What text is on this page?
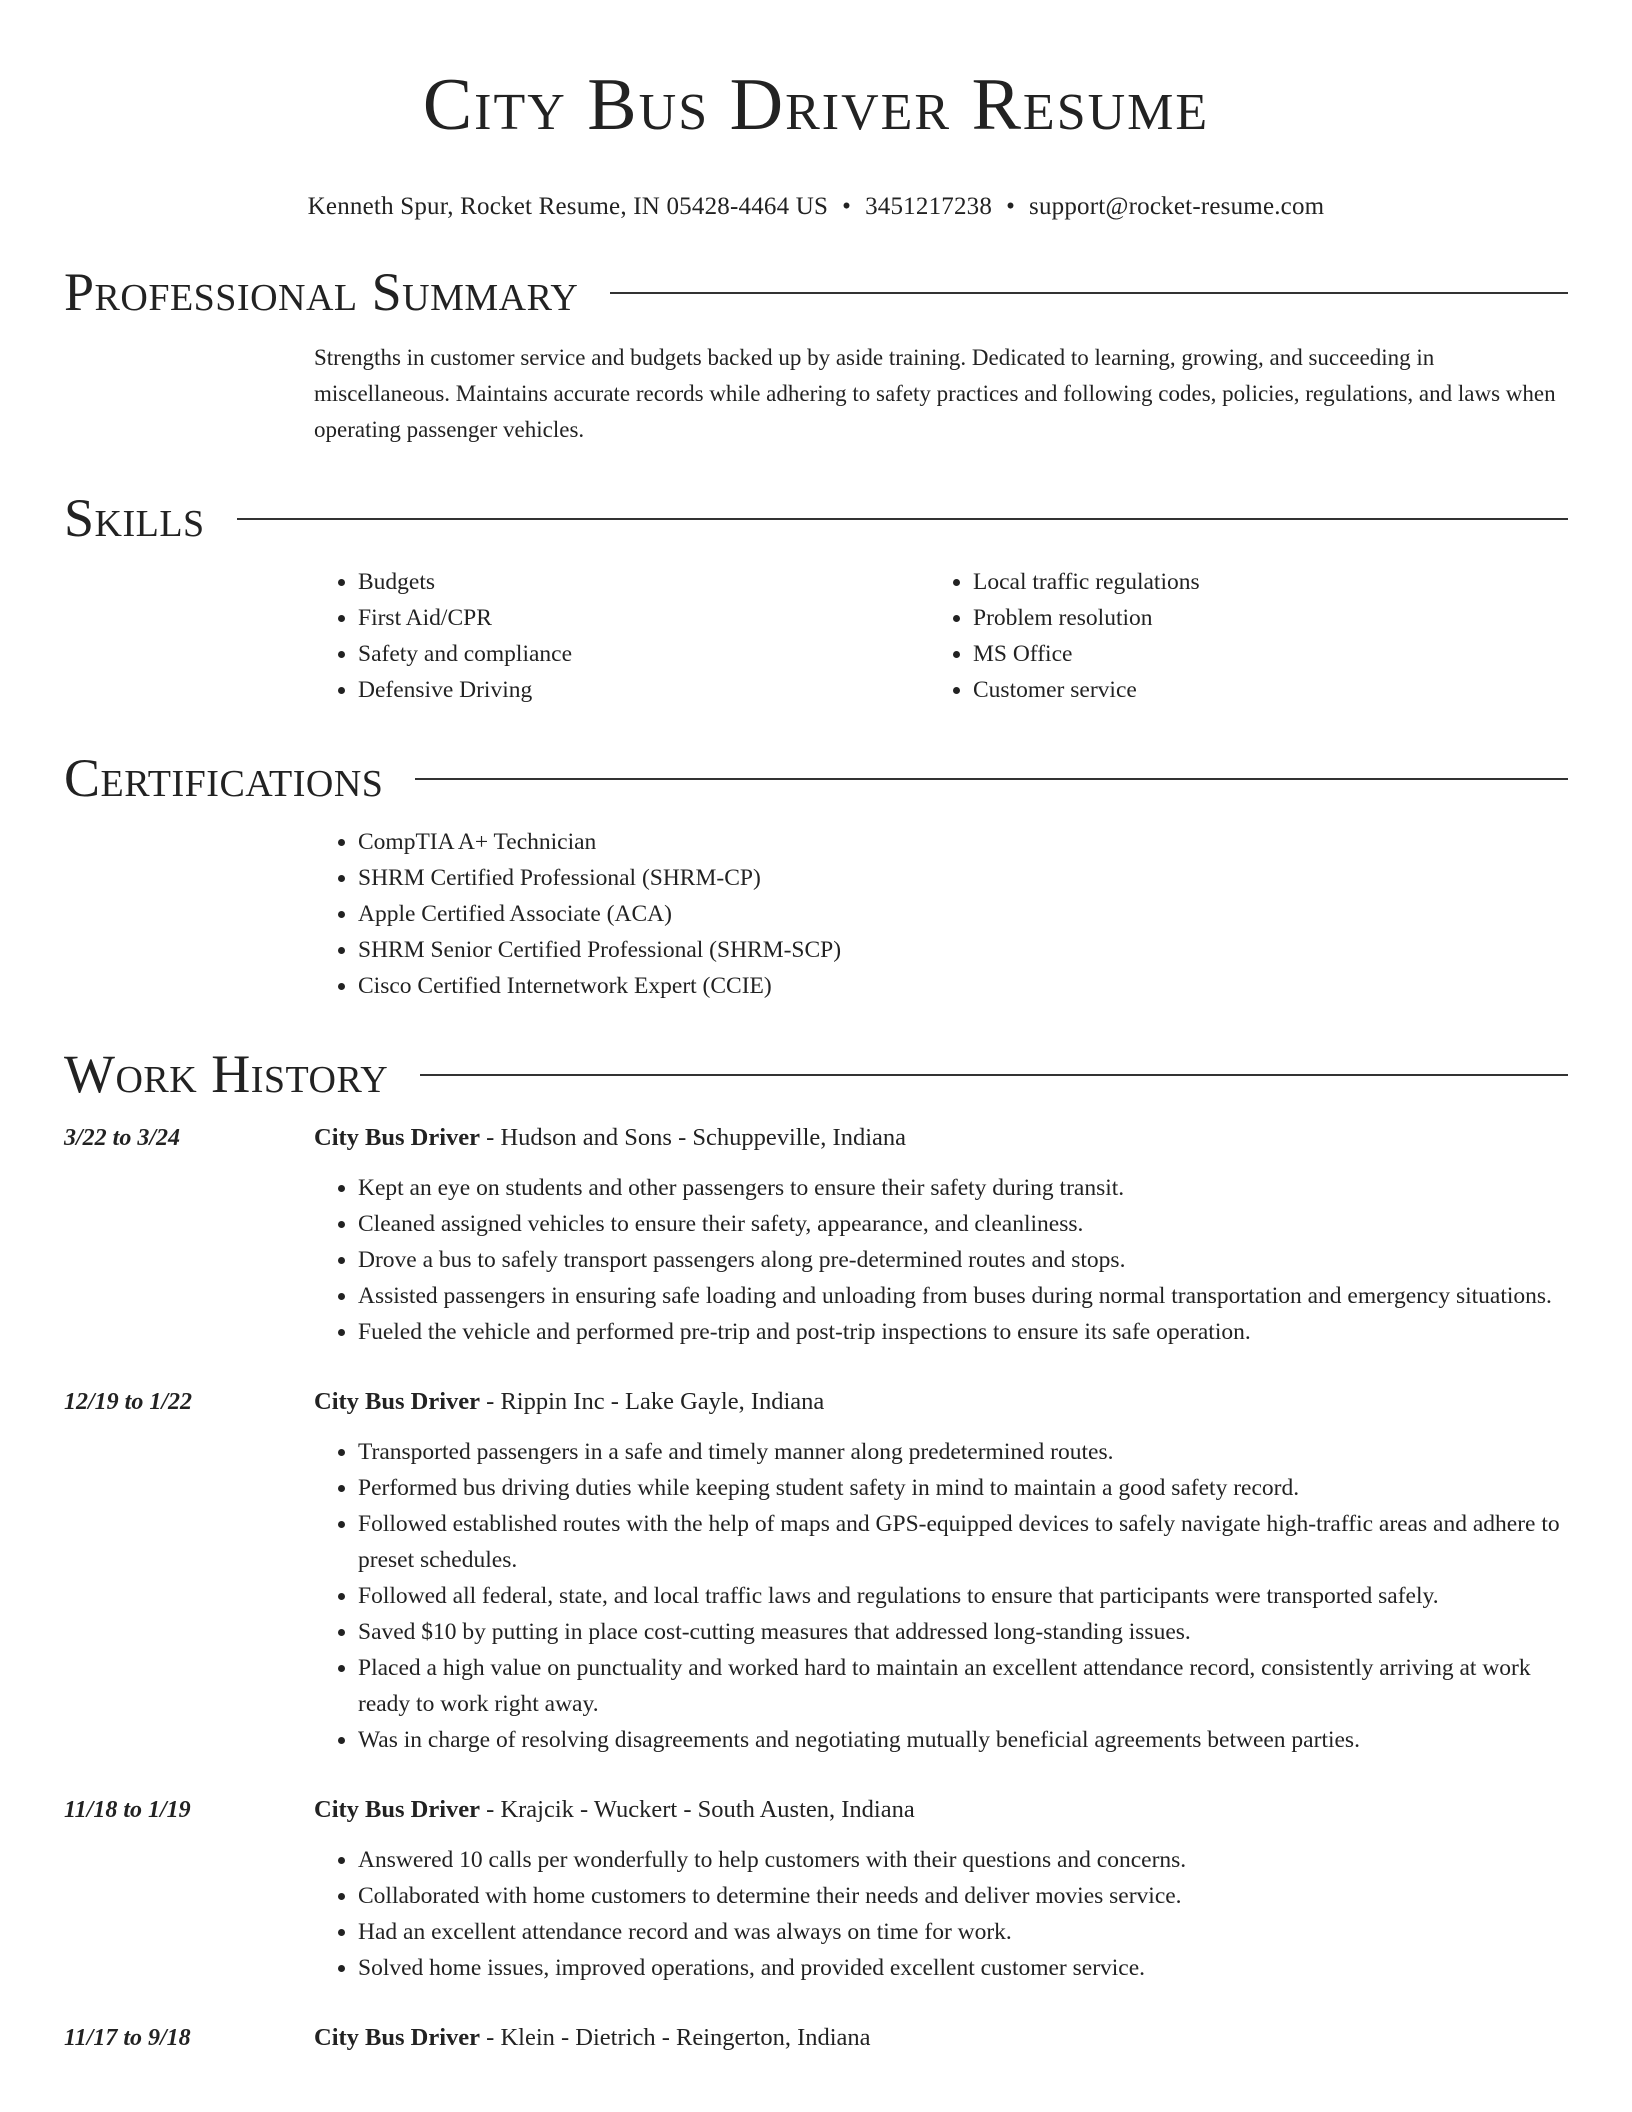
City Bus Driver Resume
Kenneth Spur, Rocket Resume, IN 05428-4464 US • 3451217238 • support@rocket-resume.com
Professional Summary
Strengths in customer service and budgets backed up by aside training. Dedicated to learning, growing, and succeeding in miscellaneous. Maintains accurate records while adhering to safety practices and following codes, policies, regulations, and laws when operating passenger vehicles.
Skills
• Budgets
• First Aid/CPR
• Safety and compliance
• Defensive Driving
• Local traffic regulations
• Problem resolution
• MS Office
• Customer service
Certifications
• CompTIA A+ Technician
• SHRM Certified Professional (SHRM-CP)
• Apple Certified Associate (ACA)
• SHRM Senior Certified Professional (SHRM-SCP)
• Cisco Certified Internetwork Expert (CCIE)
Work History
3/22 to 3/24	City Bus Driver - Hudson and Sons - Schuppeville, Indiana
• Kept an eye on students and other passengers to ensure their safety during transit.
• Cleaned assigned vehicles to ensure their safety, appearance, and cleanliness.
• Drove a bus to safely transport passengers along pre-determined routes and stops.
• Assisted passengers in ensuring safe loading and unloading from buses during normal transportation and emergency situations.
• Fueled the vehicle and performed pre-trip and post-trip inspections to ensure its safe operation.
12/19 to 1/22	City Bus Driver - Rippin Inc - Lake Gayle, Indiana
• Transported passengers in a safe and timely manner along predetermined routes.
• Performed bus driving duties while keeping student safety in mind to maintain a good safety record.
• Followed established routes with the help of maps and GPS-equipped devices to safely navigate high-traffic areas and adhere to preset schedules.
• Followed all federal, state, and local traffic laws and regulations to ensure that participants were transported safely.
• Saved $10 by putting in place cost-cutting measures that addressed long-standing issues.
• Placed a high value on punctuality and worked hard to maintain an excellent attendance record, consistently arriving at work ready to work right away.
• Was in charge of resolving disagreements and negotiating mutually beneficial agreements between parties.
11/18 to 1/19	City Bus Driver - Krajcik - Wuckert - South Austen, Indiana
• Answered 10 calls per wonderfully to help customers with their questions and concerns.
• Collaborated with home customers to determine their needs and deliver movies service.
• Had an excellent attendance record and was always on time for work.
• Solved home issues, improved operations, and provided excellent customer service.
11/17 to 9/18	City Bus Driver - Klein - Dietrich - Reingerton, Indiana
